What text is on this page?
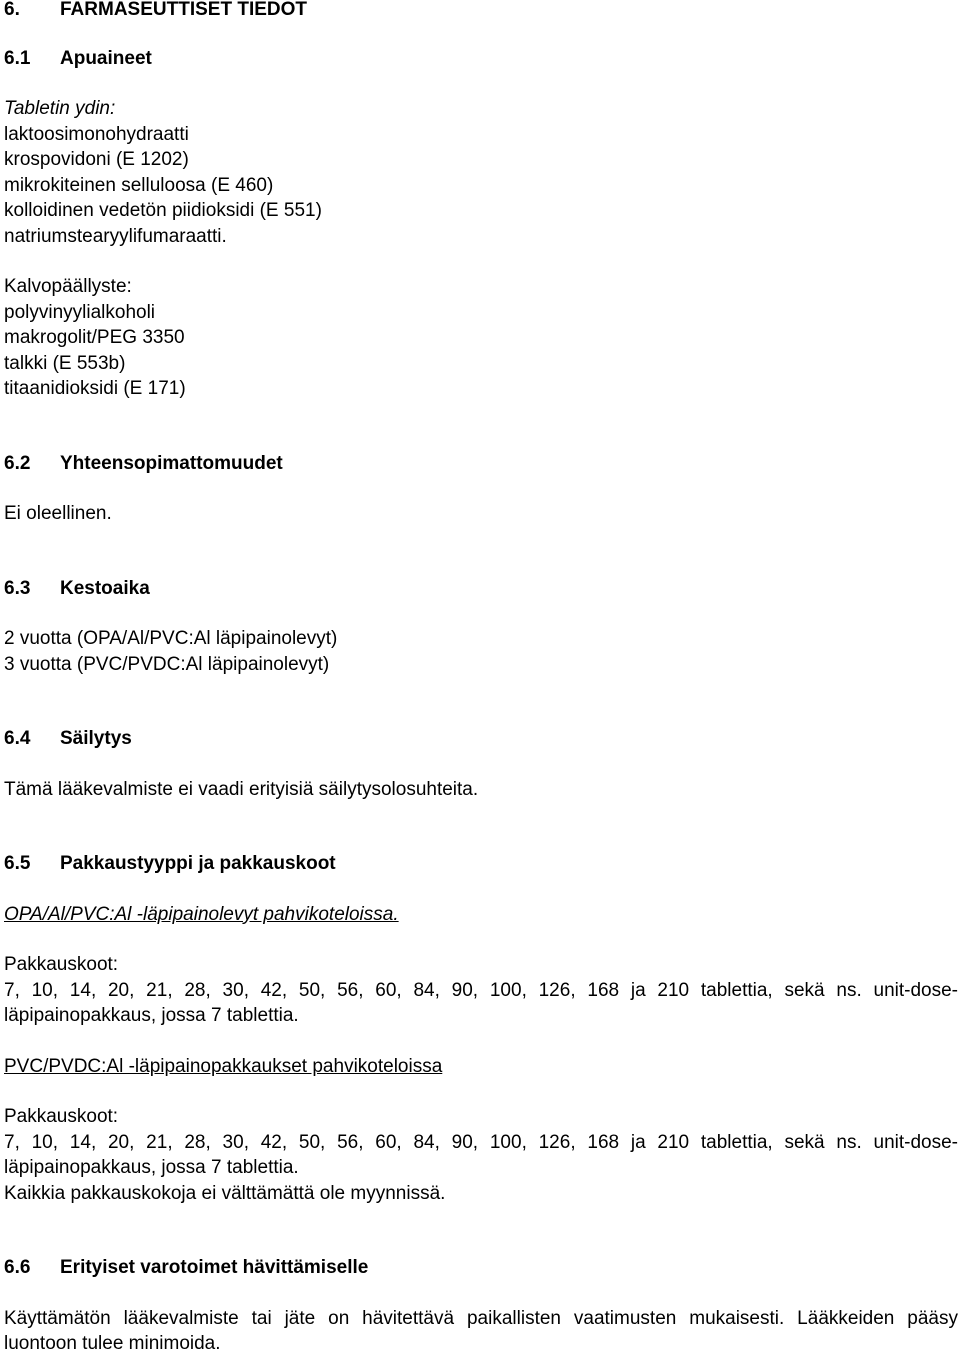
6. FARMASEUTTISET TIEDOT
6.1 Apuaineet
Tabletin ydin:
laktoosimonohydraatti
krospovidoni (E 1202)
mikrokiteinen selluloosa (E 460)
kolloidinen vedetön piidioksidi (E 551)
natriumstearyylifumaraatti.
Kalvopäällyste:
polyvinyylialkoholi
makrogolit/PEG 3350
talkki (E 553b)
titaanidioksidi (E 171)
6.2 Yhteensopimattomuudet
Ei oleellinen.
6.3 Kestoaika
2 vuotta (OPA/Al/PVC:Al läpipainolevyt)
3 vuotta (PVC/PVDC:Al läpipainolevyt)
6.4 Säilytys
Tämä lääkevalmiste ei vaadi erityisiä säilytysolosuhteita.
6.5 Pakkaustyyppi ja pakkauskoot
OPA/Al/PVC:Al -läpipainolevyt pahvikoteloissa.
Pakkauskoot:
7, 10, 14, 20, 21, 28, 30, 42, 50, 56, 60, 84, 90, 100, 126, 168 ja 210 tablettia, sekä ns. unit-dose-läpipainopakkaus, jossa 7 tablettia.
PVC/PVDC:Al -läpipainopakkaukset pahvikoteloissa
Pakkauskoot:
7, 10, 14, 20, 21, 28, 30, 42, 50, 56, 60, 84, 90, 100, 126, 168 ja 210 tablettia, sekä ns. unit-dose-läpipainopakkaus, jossa 7 tablettia.
Kaikkia pakkauskokoja ei välttämättä ole myynnissä.
6.6 Erityiset varotoimet hävittämiselle
Käyttämätön lääkevalmiste tai jäte on hävitettävä paikallisten vaatimusten mukaisesti. Lääkkeiden pääsy luontoon tulee minimoida.
